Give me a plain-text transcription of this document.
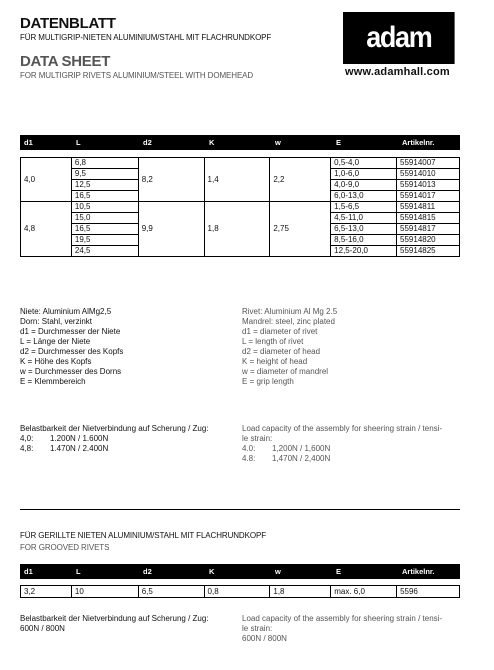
DATENBLATT
FÜR MULTIGRIP-NIETEN ALUMINIUM/STAHL MIT FLACHRUNDKOPF
DATA SHEET
FOR MULTIGRIP RIVETS ALUMINIUM/STEEL WITH DOMEHEAD
adam hall
www.adamhall.com
d1	L	d2	K	w	E	Artikelnr.
4,0	6,8	8,2	1,4	2,2	0,5-4,0	55914007
	9,5				1,0-6,0	55914010
	12,5				4,0-9,0	55914013
	16,5				6,0-13,0	55914017
4,8	10,5	9,9	1,8	2,75	1,5-6,5	55914811
	15,0				4,5-11,0	55914815
	16,5				6,5-13,0	55914817
	19,5				8,5-16,0	55914820
	24,5				12,5-20,0	55914825
Niete: Aluminium AlMg2,5
Dorn: Stahl, verzinkt
d1 = Durchmesser der Niete
L = Länge der Niete
d2 = Durchmesser des Kopfs
K = Höhe des Kopfs
w = Durchmesser des Dorns
E = Klemmbereich
Rivet: Aluminium Al Mg 2.5
Mandrel: steel, zinc plated
d1 = diameter of rivet
L = length of rivet
d2 = diameter of head
K = height of head
w = diameter of mandrel
E = grip length
Belastbarkeit der Nietverbindung auf Scherung / Zug:
4,0: 1.200N / 1.600N
4,8: 1.470N / 2.400N
Load capacity of the assembly for sheering strain / tensi-
le strain:
4.0: 1,200N / 1,600N
4.8: 1,470N / 2,400N
FÜR GERILLTE NIETEN ALUMINIUM/STAHL MIT FLACHRUNDKOPF
FOR GROOVED RIVETS
d1	L	d2	K	w	E	Artikelnr.
3,2	10	6,5	0,8	1,8	max. 6,0	5596
Belastbarkeit der Nietverbindung auf Scherung / Zug:
600N / 800N
Load capacity of the assembly for sheering strain / tensi-
le strain:
600N / 800N
